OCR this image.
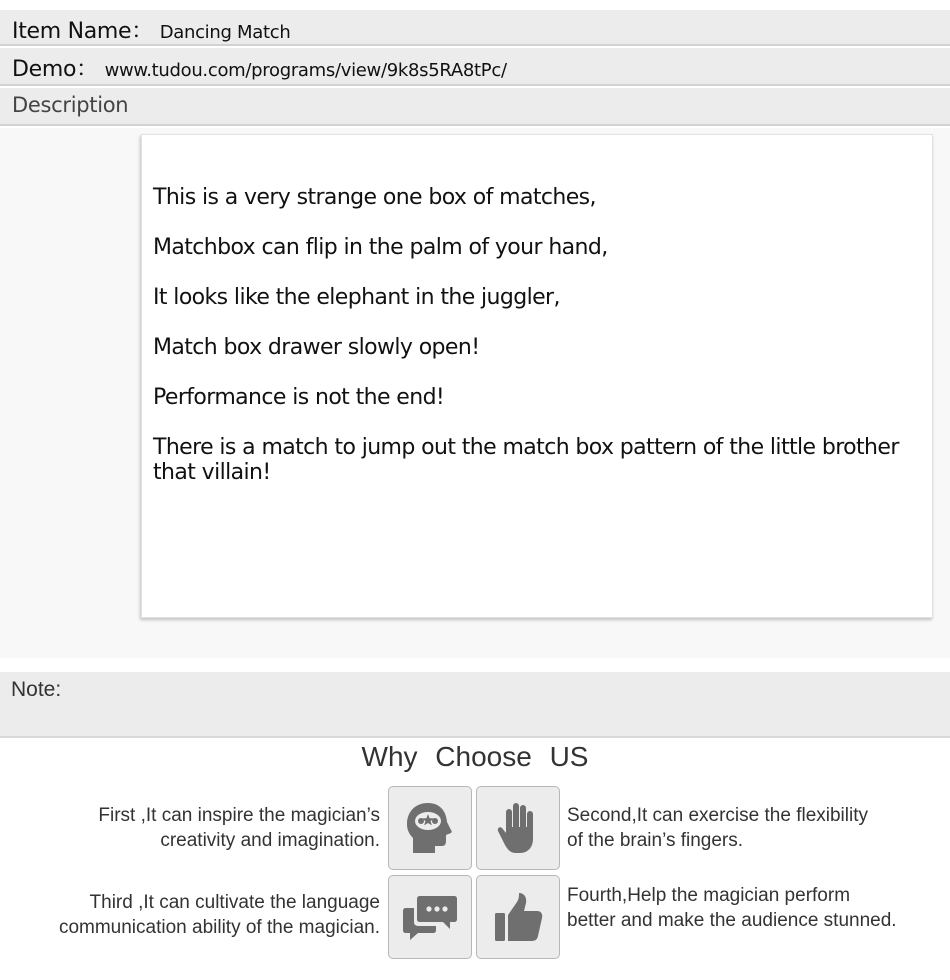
Item Name： Dancing Match
Demo： www.tudou.com/programs/view/9k8s5RA8tPc/
Description

This is a very strange one box of matches,

Matchbox can flip in the palm of your hand,

It looks like the elephant in the juggler,

Match box drawer slowly open!

Performance is not the end!

There is a match to jump out the match box pattern of the little brother that villain!

Note:
Why Choose US
First ,It can inspire the magician’s
creativity and imagination.
Second,It can exercise the flexibility
of the brain’s fingers.
Third ,It can cultivate the language
communication ability of the magician.
Fourth,Help the magician perform
better and make the audience stunned.
